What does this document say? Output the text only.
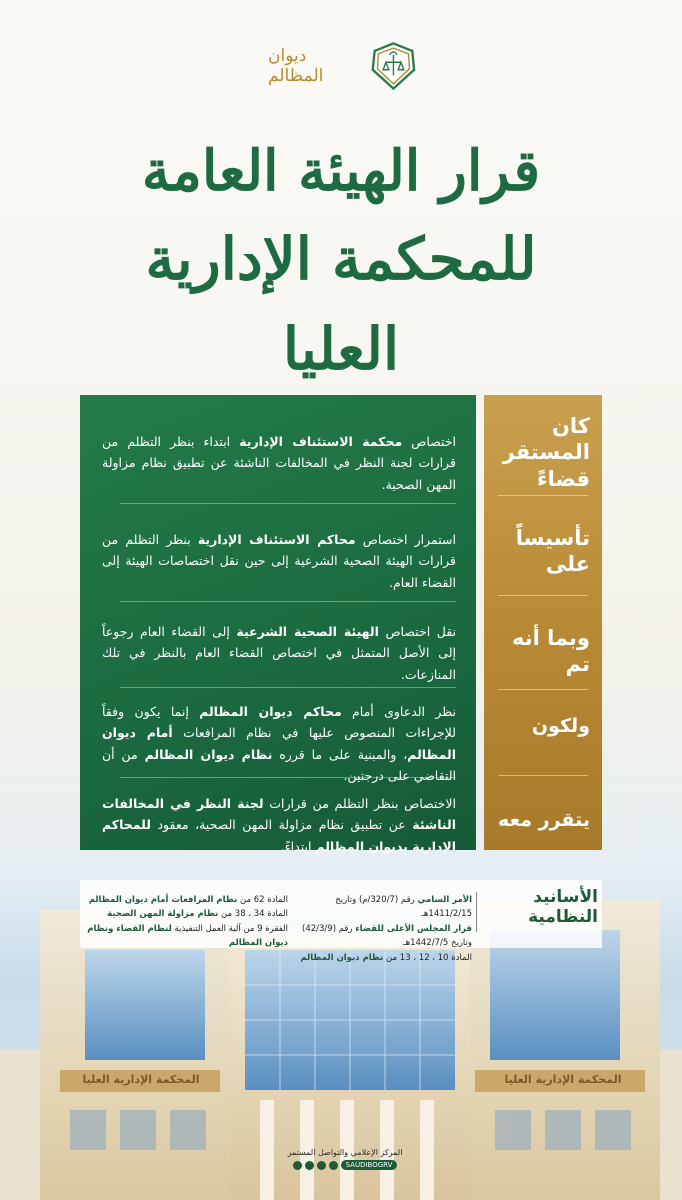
ديوان المظالم
قرار الهيئة العامة
للمحكمة الإدارية العليا
كان المستقر قضاءً
تأسيساً على
وبما أنه تم
ولكون
يتقرر معه
اختصاص محكمة الاستئناف الإدارية ابتداء بنظر التظلم من قرارات لجنة النظر في المخالفات الناشئة عن تطبيق نظام مزاولة المهن الصحية.
استمرار اختصاص محاكم الاستئناف الإدارية بنظر التظلم من قرارات الهيئة الصحية الشرعية إلى حين نقل اختصاصات الهيئة إلى القضاء العام.
نقل اختصاص الهيئة الصحية الشرعية إلى القضاء العام رجوعاً إلى الأصل المتمثل في اختصاص القضاء العام بالنظر في تلك المنازعات.
نظر الدعاوى أمام محاكم ديوان المظالم إنما يكون وفقاً للإجراءات المنصوص عليها في نظام المرافعات أمام ديوان المظالم، والمبنية على ما قرره نظام ديوان المظالم من أن التقاضي على درجتين.
الاختصاص بنظر التظلم من قرارات لجنة النظر في المخالفات الناشئة عن تطبيق نظام مزاولة المهن الصحية، معقود للمحاكم الإدارية بديوان المظالم ابتداءً.
المحكمة الإدارية العليا	المحكمة الإدارية العليا
الأسانيد النظامية
الأمر السامي رقم (320/7/م) وتاريخ 1411/2/15هـ
قرار المجلس الأعلى للقضاء رقم (42/3/9) وتاريخ 1442/7/5هـ
المادة 10 ، 12 ، 13 من نظام ديوان المظالم
المادة 62 من نظام المرافعات أمام ديوان المظالم
المادة 34 ، 38 من نظام مزاولة المهن الصحية
الفقرة 9 من آلية العمل التنفيذية لنظام القضاء ونظام ديوان المظالم
المركز الإعلامي والتواصل المستمر
SAUDIBOGRV
